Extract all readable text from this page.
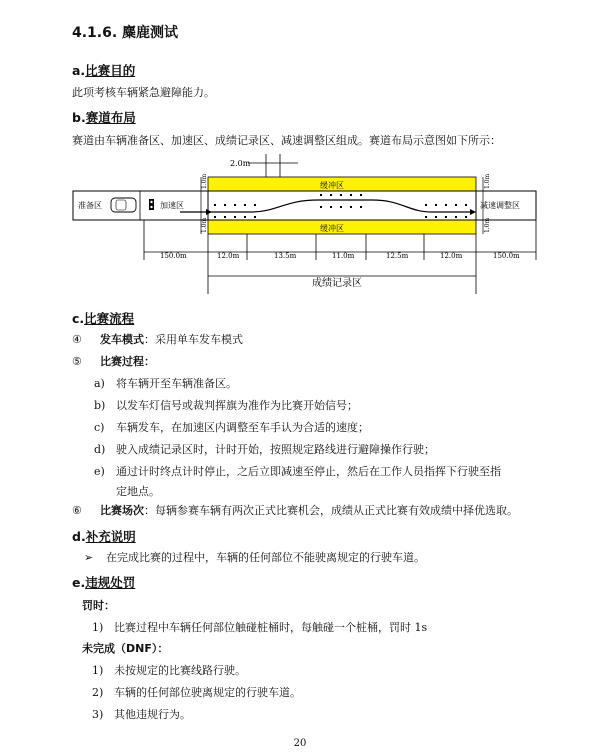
4.1.6. 麋鹿测试
a.比赛目的
此项考核车辆紧急避障能力。
b.赛道布局
赛道由车辆准备区、加速区、成绩记录区、减速调整区组成。赛道布局示意图如下所示：
2.0m
缓冲区
缓冲区
准备区	加速区	减速调整区
1.0m
1.0m
1.0m
1.0m
150.0m	12.0m	13.5m	11.0m	12.5m	12.0m	150.0m
成绩记录区
c.比赛流程
④ 发车模式：采用单车发车模式
⑤ 比赛过程：
a) 将车辆开至车辆准备区。
b) 以发车灯信号或裁判挥旗为准作为比赛开始信号；
c) 车辆发车，在加速区内调整至车手认为合适的速度；
d) 驶入成绩记录区时，计时开始，按照规定路线进行避障操作行驶；
e) 通过计时终点计时停止，之后立即减速至停止，然后在工作人员指挥下行驶至指
定地点。
⑥ 比赛场次：每辆参赛车辆有两次正式比赛机会，成绩从正式比赛有效成绩中择优选取。
d.补充说明
➢ 在完成比赛的过程中，车辆的任何部位不能驶离规定的行驶车道。
e.违规处罚
罚时：
1) 比赛过程中车辆任何部位触碰桩桶时，每触碰一个桩桶，罚时 1s
未完成（DNF）：
1) 未按规定的比赛线路行驶。
2) 车辆的任何部位驶离规定的行驶车道。
3) 其他违规行为。
20
